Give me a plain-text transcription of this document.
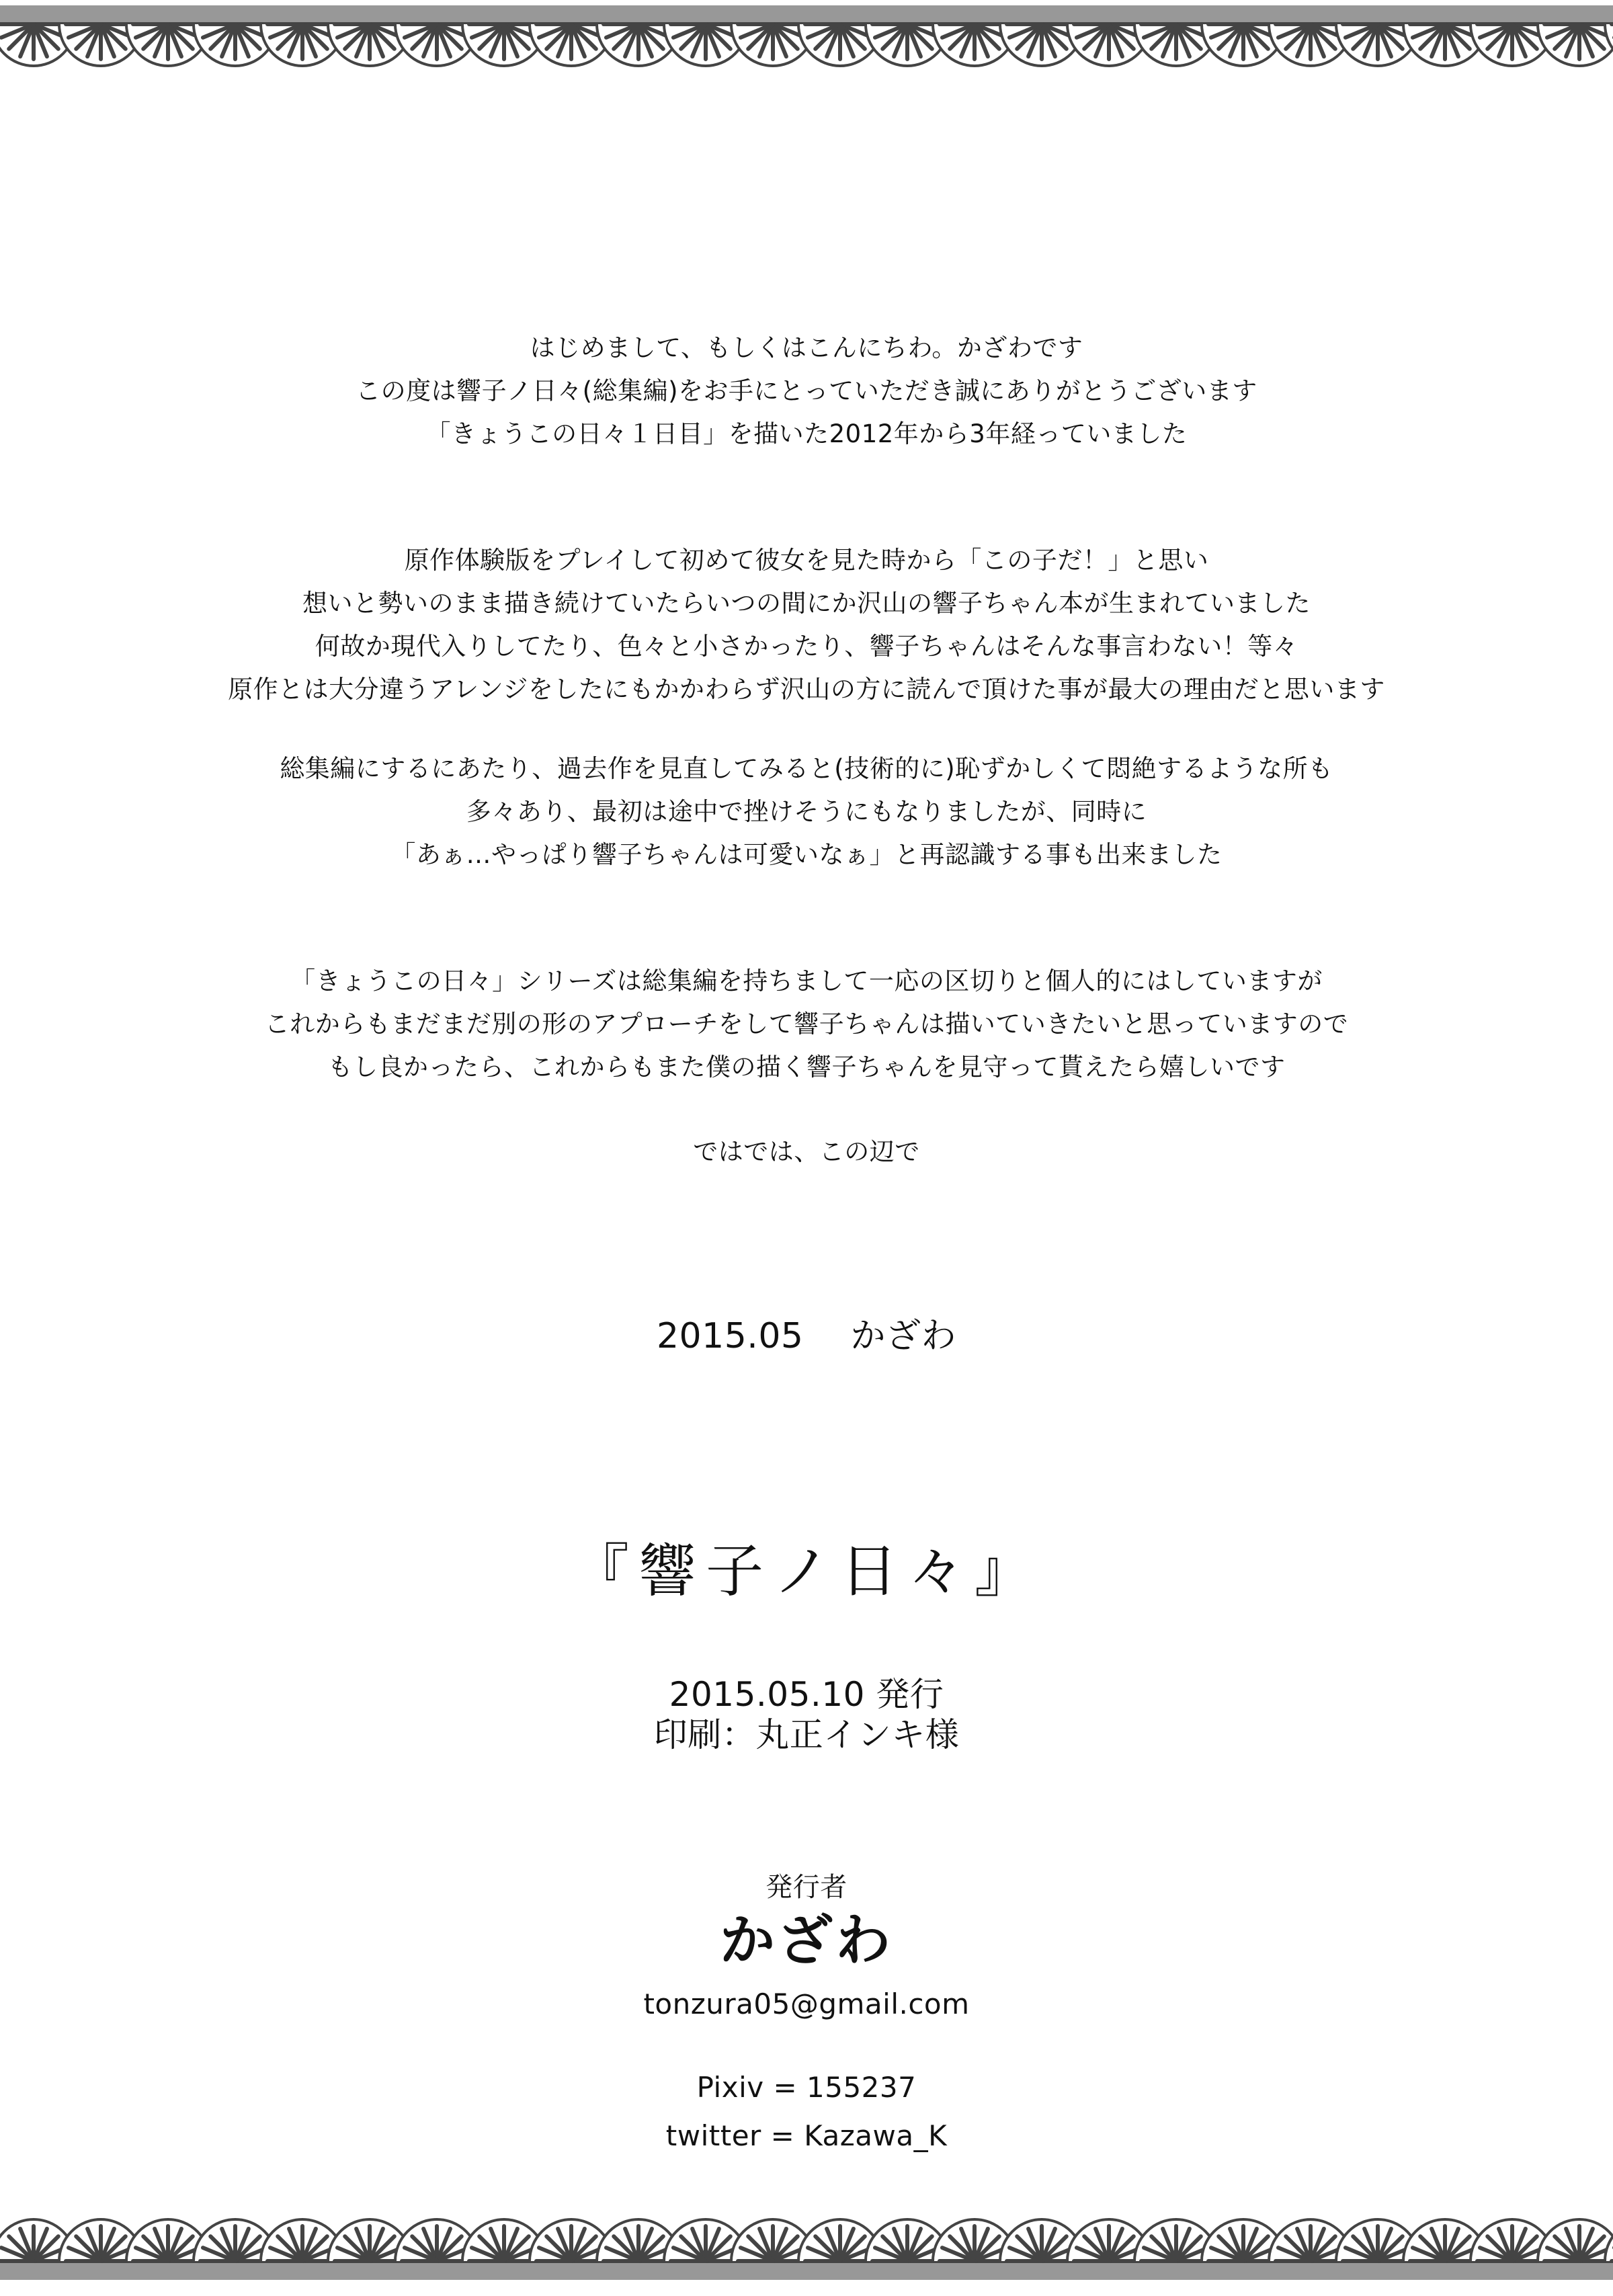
はじめまして、もしくはこんにちわ。かざわです
この度は響子ノ日々(総集編)をお手にとっていただき誠にありがとうございます
「きょうこの日々１日目」を描いた2012年から3年経っていました
原作体験版をプレイして初めて彼女を見た時から「この子だ！」と思い
想いと勢いのまま描き続けていたらいつの間にか沢山の響子ちゃん本が生まれていました
何故か現代入りしてたり、色々と小さかったり、響子ちゃんはそんな事言わない！等々
原作とは大分違うアレンジをしたにもかかわらず沢山の方に読んで頂けた事が最大の理由だと思います
総集編にするにあたり、過去作を見直してみると(技術的に)恥ずかしくて悶絶するような所も
多々あり、最初は途中で挫けそうにもなりましたが、同時に
「あぁ…やっぱり響子ちゃんは可愛いなぁ」と再認識する事も出来ました
「きょうこの日々」シリーズは総集編を持ちまして一応の区切りと個人的にはしていますが
これからもまだまだ別の形のアプローチをして響子ちゃんは描いていきたいと思っていますので
もし良かったら、これからもまた僕の描く響子ちゃんを見守って貰えたら嬉しいです
ではでは、この辺で
2015.05 かざわ
『響子ノ日々』
2015.05.10 発行
印刷：丸正インキ様
発行者
かざわ
tonzura05@gmail.com
Pixiv = 155237
twitter = Kazawa_K
